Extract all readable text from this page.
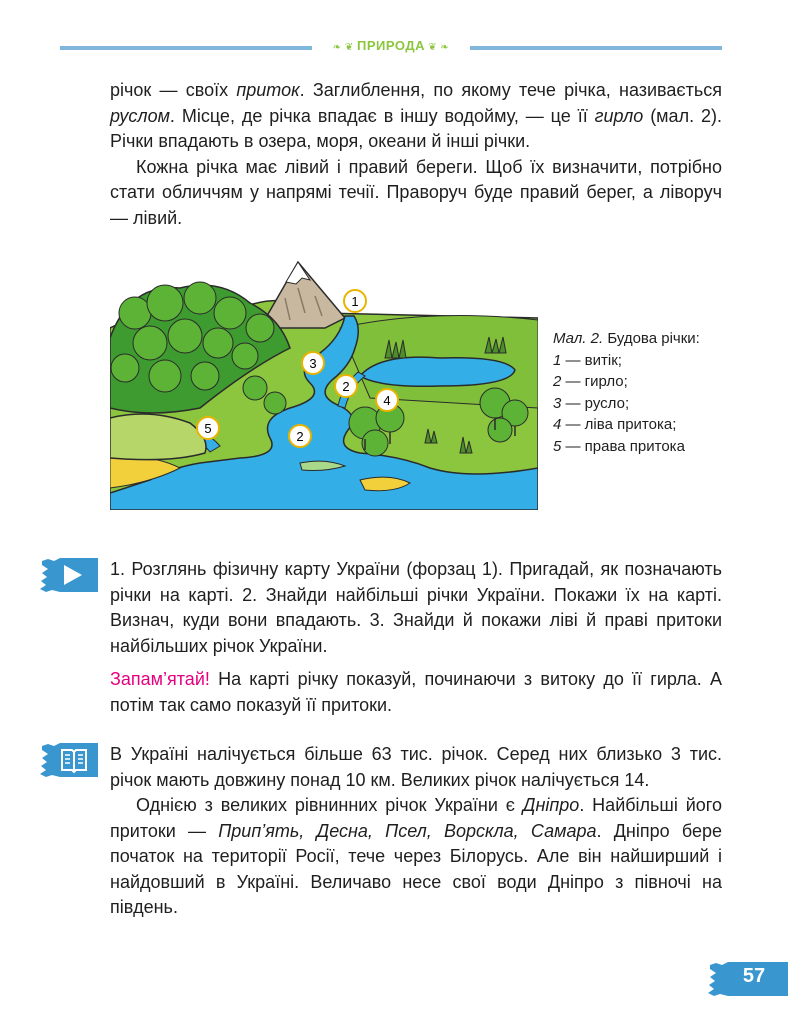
❧ ❦ ПРИРОДА ❦ ❧

річок — своїх приток. Заглиблення, по якому тече річка, називається руслом. Місце, де річка впадає в іншу водойму, — це її гирло (мал. 2). Річки впадають в озера, моря, океани й інші річки.

Кожна річка має лівий і правий береги. Щоб їх визначити, потрібно стати обличчям у напрямі течії. Праворуч буде правий берег, а ліворуч — лівий.

1
2
3
4
5
2
Мал. 2. Будова річки:
1 — витік;
2 — гирло;
3 — русло;
4 — ліва притока;
5 — права притока

1. Розглянь фізичну карту України (форзац 1). Пригадай, як позначають річки на карті. 2. Знайди найбільші річки України. Покажи їх на карті. Визнач, куди вони впадають. 3. Знайди й покажи ліві й праві притоки найбільших річок України.

Запам’ятай! На карті річку показуй, починаючи з витоку до її гирла. А потім так само показуй її притоки.

В Україні налічується більше 63 тис. річок. Серед них близько 3 тис. річок мають довжину понад 10 км. Великих річок налічується 14.

Однією з великих рівнинних річок України є Дніпро. Найбільші його притоки — Прип’ять, Десна, Псел, Ворскла, Самара. Дніпро бере початок на території Росії, тече через Білорусь. Але він найширший і найдовший в Україні. Величаво несе свої води Дніпро з півночі на південь.

57
